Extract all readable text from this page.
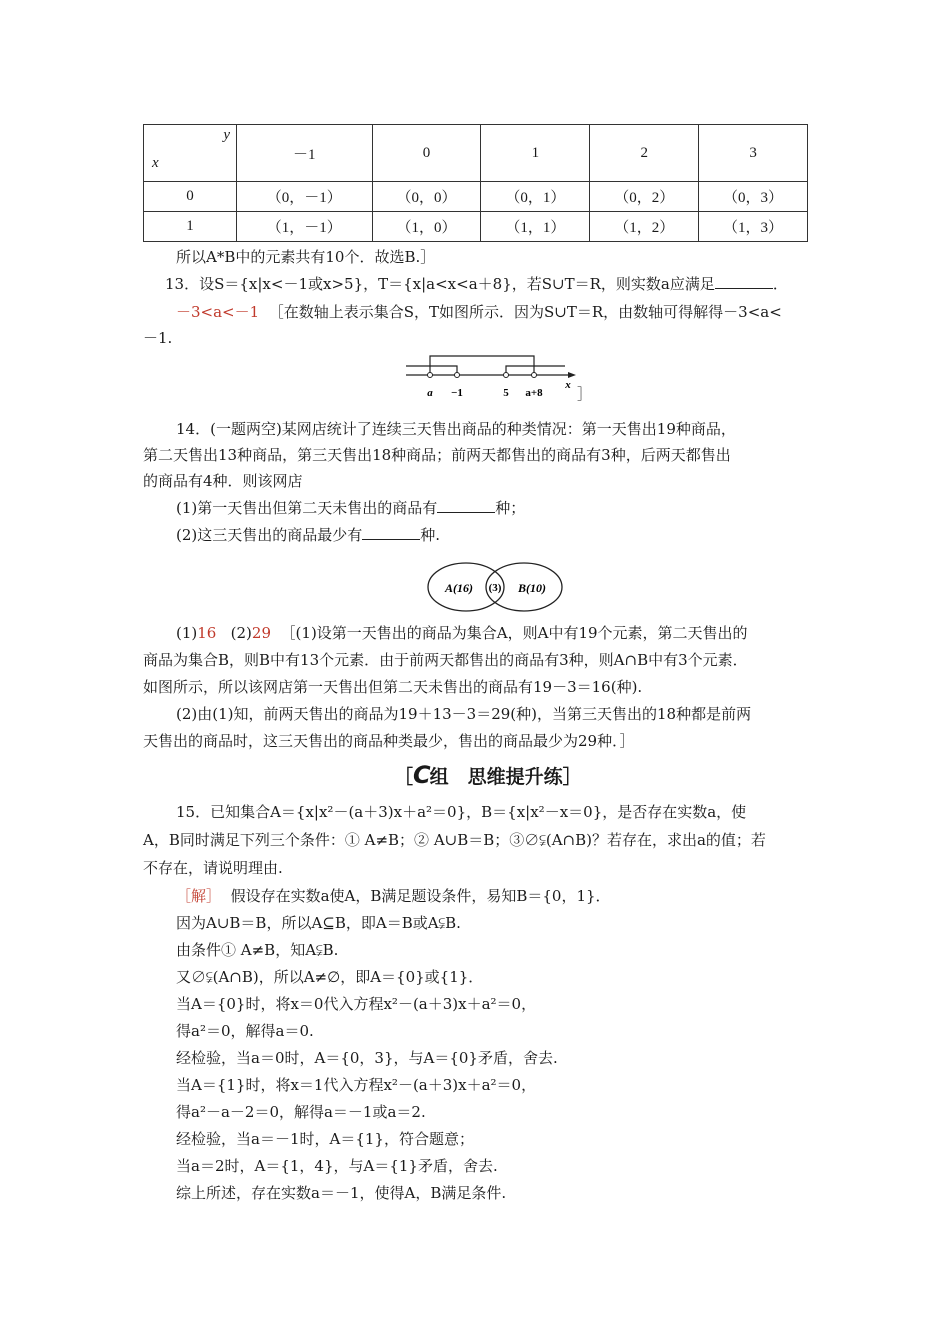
y
x	－1	0	1	2	3
0	（0，－1）	（0，0）	（0，1）	（0，2）	（0，3）
1	（1，－1）	（1，0）	（1，1）	（1，2）	（1，3）
所以A*B中的元素共有10个．故选B.］
13．设S＝{x|x<－1或x>5}，T＝{x|a<x<a＋8}，若S∪T＝R，则实数a应满足	．
－3<a<－1 ［在数轴上表示集合S，T如图所示．因为S∪T＝R，由数轴可得解得－3<a<
－1.
a −1	5 a+8
x ］
14．(一题两空)某网店统计了连续三天售出商品的种类情况：第一天售出19种商品，
第二天售出13种商品，第三天售出18种商品；前两天都售出的商品有3种，后两天都售出
的商品有4种．则该网店
(1)第一天售出但第二天未售出的商品有	种；
(2)这三天售出的商品最少有	种.
A(16) (3) B(10)
(1)16 (2)29 ［(1)设第一天售出的商品为集合A，则A中有19个元素，第二天售出的
商品为集合B，则B中有13个元素．由于前两天都售出的商品有3种，则A∩B中有3个元素．
如图所示，所以该网店第一天售出但第二天未售出的商品有19－3＝16(种).
(2)由(1)知，前两天售出的商品为19＋13－3＝29(种)，当第三天售出的18种都是前两
天售出的商品时，这三天售出的商品种类最少，售出的商品最少为29种．］
［C组　思维提升练］
15．已知集合A＝{x|x²－(a＋3)x＋a²＝0}，B＝{x|x²－x＝0}，是否存在实数a，使
A，B同时满足下列三个条件：① A≠B；② A∪B＝B；③∅⫋(A∩B)？若存在，求出a的值；若
不存在，请说明理由.
［解］ 假设存在实数a使A，B满足题设条件，易知B＝{0，1}．
因为A∪B＝B，所以A⊆B，即A＝B或A⫋B.
由条件① A≠B，知A⫋B.
又∅⫋(A∩B)，所以A≠∅，即A＝{0}或{1}．
当A＝{0}时，将x＝0代入方程x²－(a＋3)x＋a²＝0，
得a²＝0，解得a＝0.
经检验，当a＝0时，A＝{0，3}，与A＝{0}矛盾，舍去.
当A＝{1}时，将x＝1代入方程x²－(a＋3)x＋a²＝0，
得a²－a－2＝0，解得a＝－1或a＝2.
经检验，当a＝－1时，A＝{1}，符合题意；
当a＝2时，A＝{1，4}，与A＝{1}矛盾，舍去.
综上所述，存在实数a＝－1，使得A，B满足条件.
